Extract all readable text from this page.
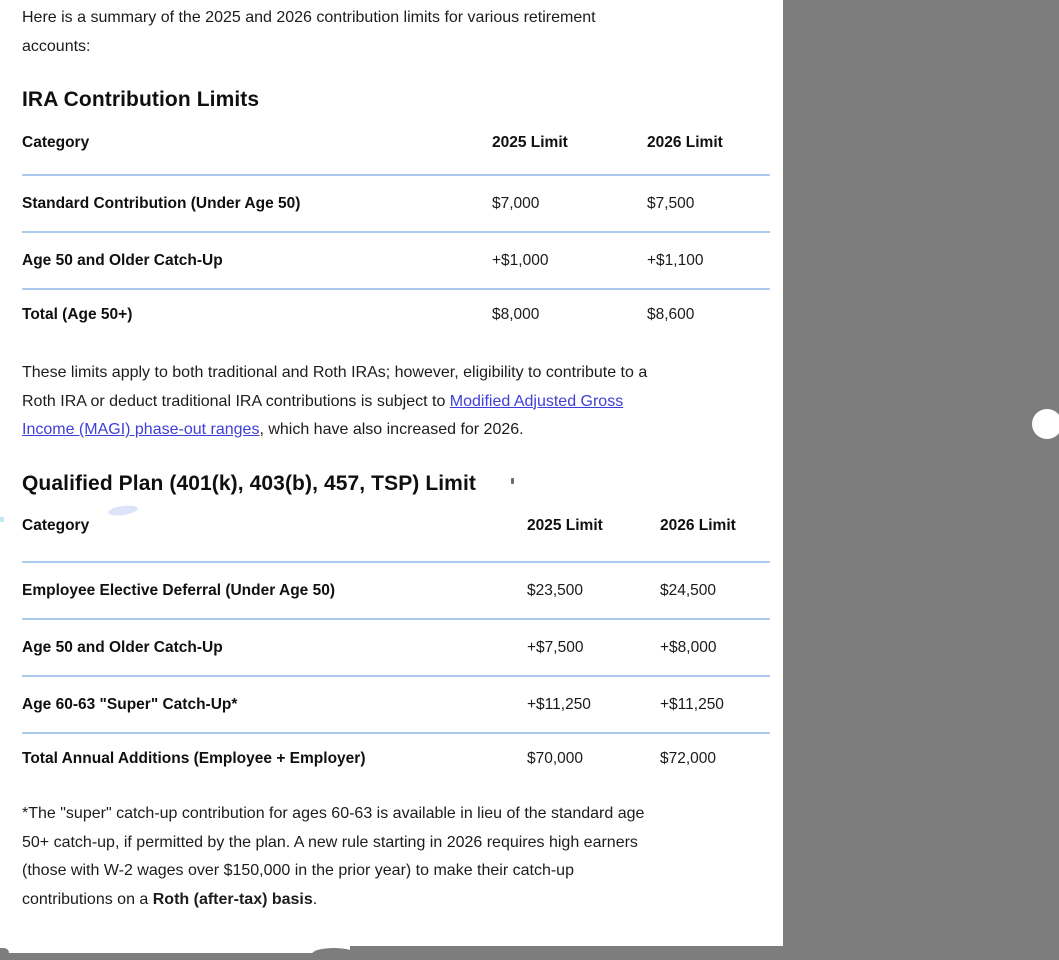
Here is a summary of the 2025 and 2026 contribution limits for various retirement
accounts:
IRA Contribution Limits
Category	2025 Limit	2026 Limit
Standard Contribution (Under Age 50)	$7,000	$7,500
Age 50 and Older Catch-Up	+$1,000	+$1,100
Total (Age 50+)	$8,000	$8,600
These limits apply to both traditional and Roth IRAs; however, eligibility to contribute to a
Roth IRA or deduct traditional IRA contributions is subject to Modified Adjusted Gross
Income (MAGI) phase-out ranges, which have also increased for 2026.
Qualified Plan (401(k), 403(b), 457, TSP) Limit
Category	2025 Limit	2026 Limit
Employee Elective Deferral (Under Age 50)	$23,500	$24,500
Age 50 and Older Catch-Up	+$7,500	+$8,000
Age 60-63 "Super" Catch-Up*	+$11,250	+$11,250
Total Annual Additions (Employee + Employer)	$70,000	$72,000
*The "super" catch-up contribution for ages 60-63 is available in lieu of the standard age
50+ catch-up, if permitted by the plan. A new rule starting in 2026 requires high earners
(those with W-2 wages over $150,000 in the prior year) to make their catch-up
contributions on a Roth (after-tax) basis.
